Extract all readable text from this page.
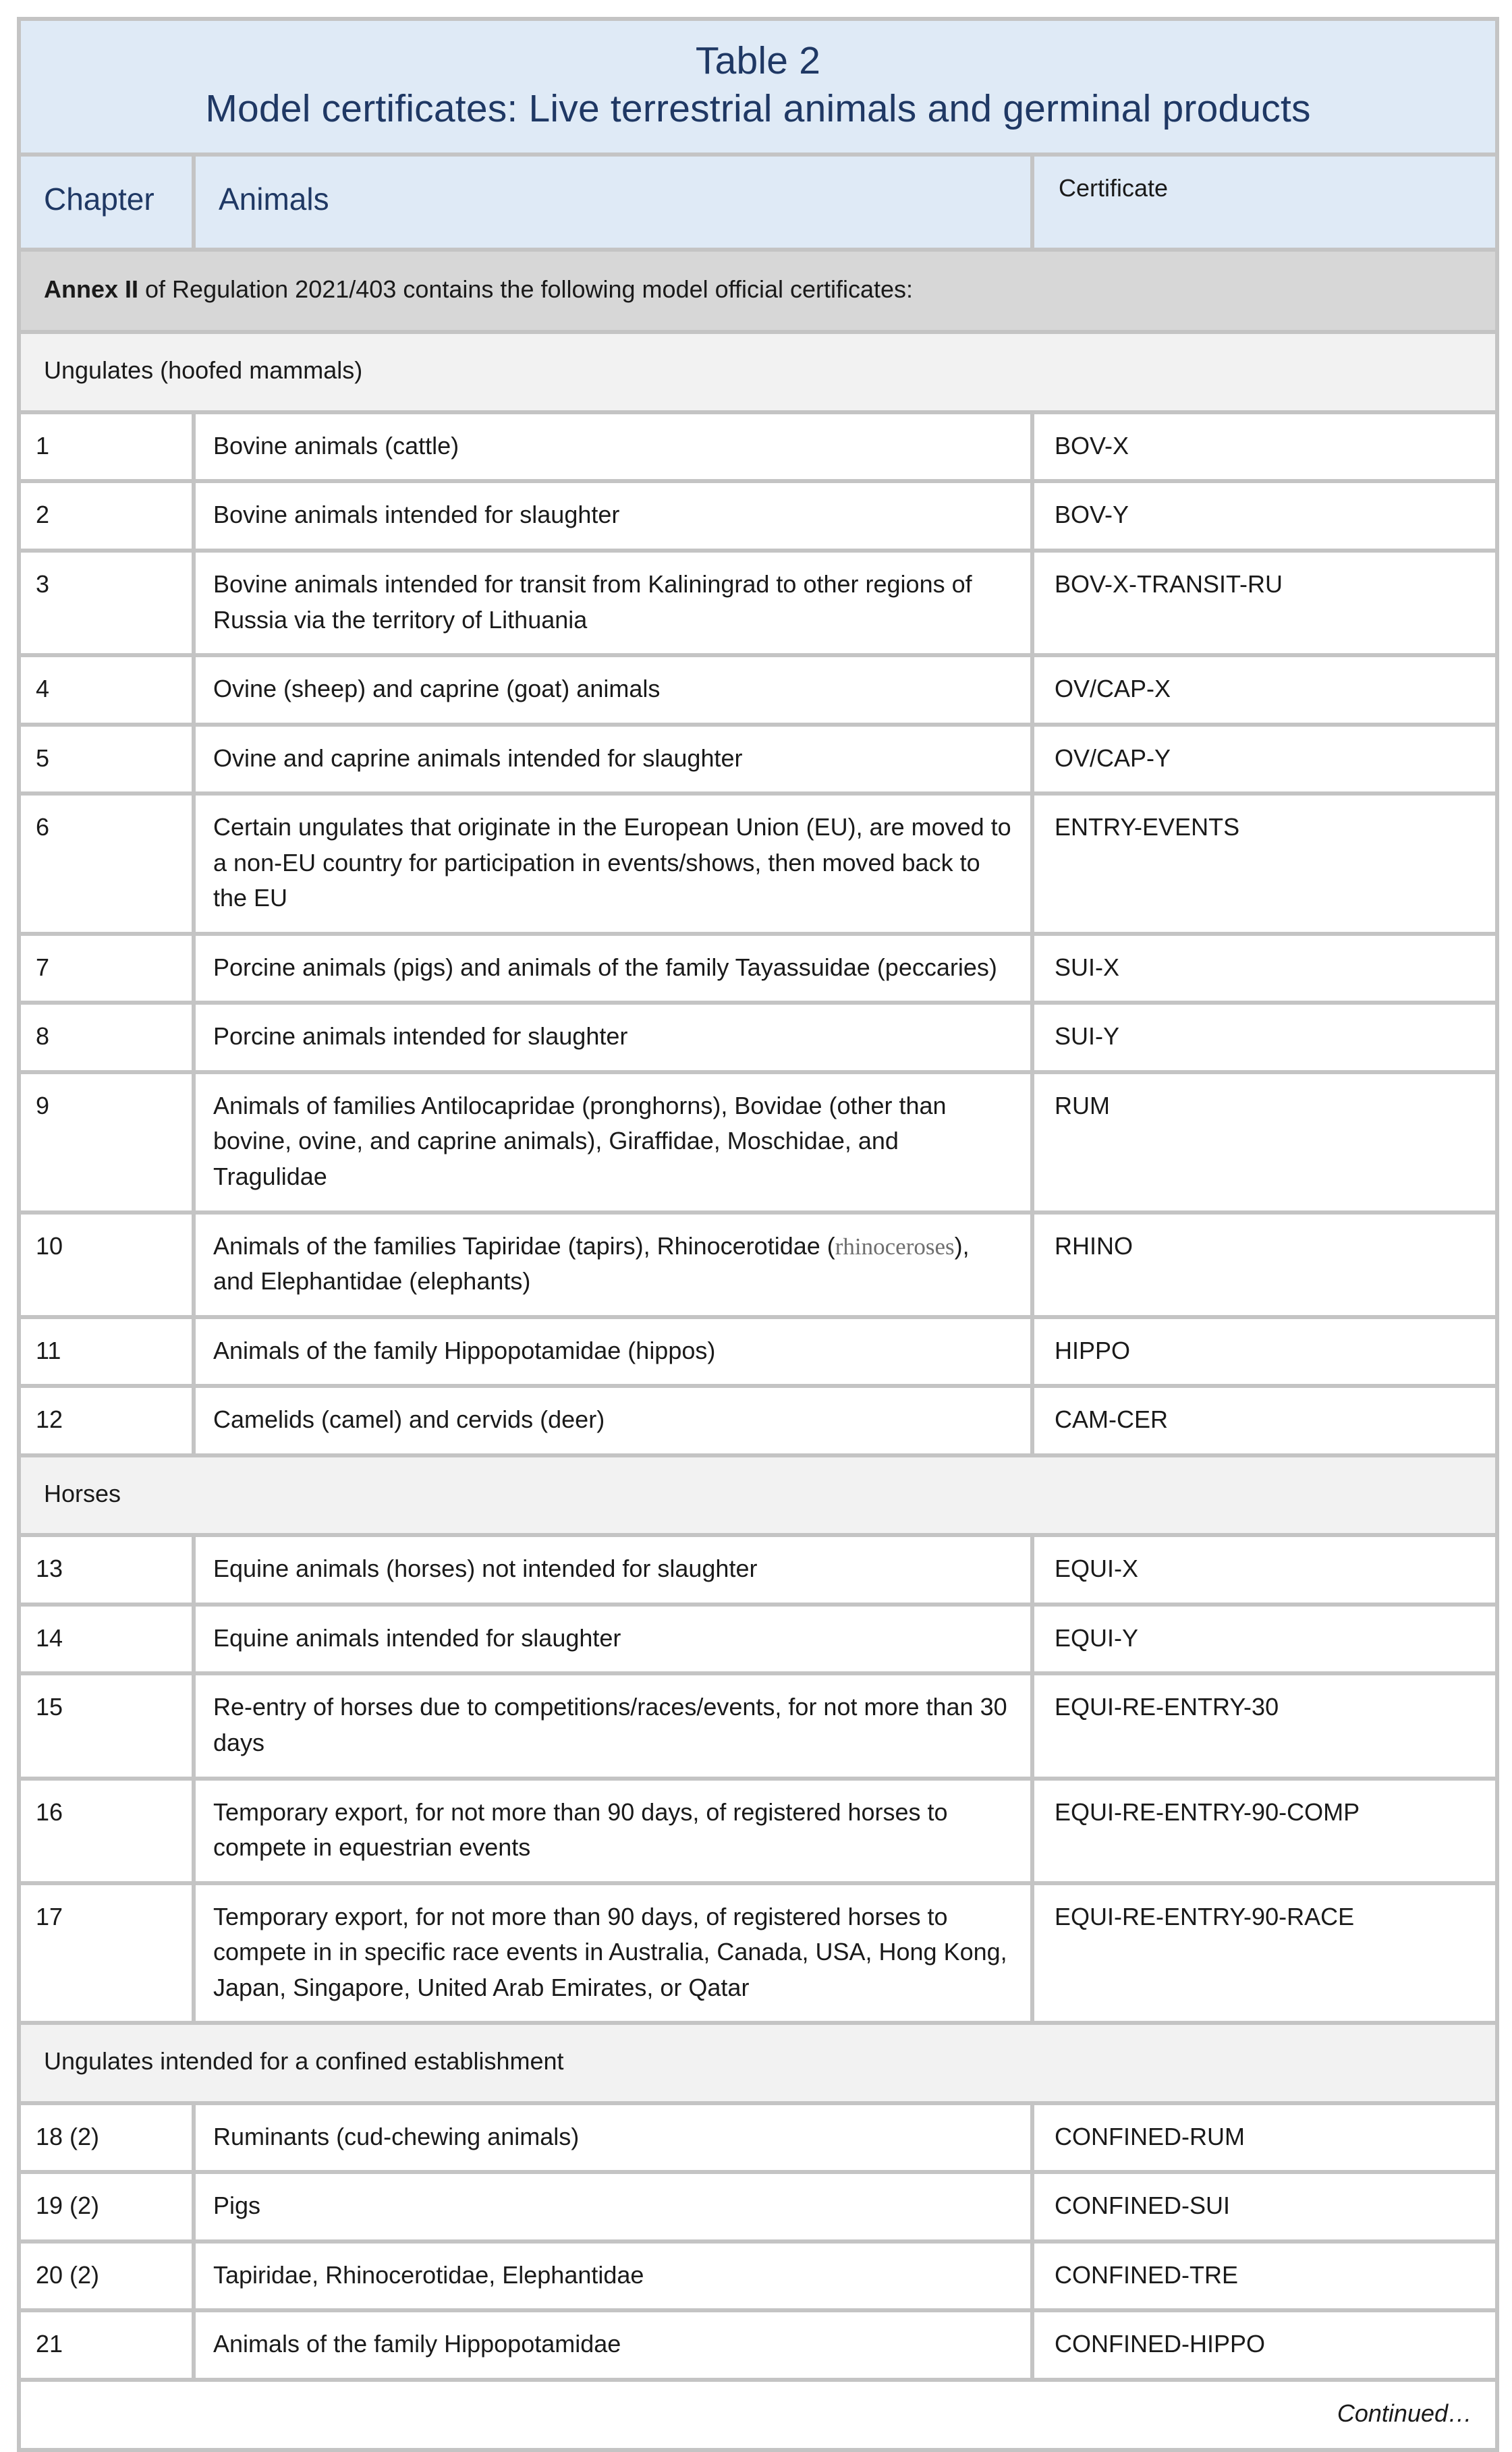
Table 2
Model certificates: Live terrestrial animals and germinal products		

Chapter	Animals	Certificate
Annex II of Regulation 2021/403 contains the following model official certificates:		
Ungulates (hoofed mammals)		
1	Bovine animals (cattle)	BOV-X
2	Bovine animals intended for slaughter	BOV-Y
3	Bovine animals intended for transit from Kaliningrad to other regions of Russia via the territory of Lithuania	BOV-X-TRANSIT-RU
4	Ovine (sheep) and caprine (goat) animals	OV/CAP-X
5	Ovine and caprine animals intended for slaughter	OV/CAP-Y
6	Certain ungulates that originate in the European Union (EU), are moved to a non-EU country for participation in events/shows, then moved back to the EU	ENTRY-EVENTS
7	Porcine animals (pigs) and animals of the family Tayassuidae (peccaries)	SUI-X
8	Porcine animals intended for slaughter	SUI-Y
9	Animals of families Antilocapridae (pronghorns), Bovidae (other than bovine, ovine, and caprine animals), Giraffidae, Moschidae, and Tragulidae	RUM
10	Animals of the families Tapiridae (tapirs), Rhinocerotidae (rhinoceroses), and Elephantidae (elephants)	RHINO
11	Animals of the family Hippopotamidae (hippos)	HIPPO
12	Camelids (camel) and cervids (deer)	CAM-CER
Horses		
13	Equine animals (horses) not intended for slaughter	EQUI-X
14	Equine animals intended for slaughter	EQUI-Y
15	Re-entry of horses due to competitions/races/events, for not more than 30 days	EQUI-RE-ENTRY-30
16	Temporary export, for not more than 90 days, of registered horses to compete in equestrian events	EQUI-RE-ENTRY-90-COMP
17	Temporary export, for not more than 90 days, of registered horses to compete in in specific race events in Australia, Canada, USA, Hong Kong, Japan, Singapore, United Arab Emirates, or Qatar	EQUI-RE-ENTRY-90-RACE
Ungulates intended for a confined establishment		
18 (2)	Ruminants (cud-chewing animals)	CONFINED-RUM
19 (2)	Pigs	CONFINED-SUI
20 (2)	Tapiridae, Rhinocerotidae, Elephantidae	CONFINED-TRE
21	Animals of the family Hippopotamidae	CONFINED-HIPPO
Continued…		
